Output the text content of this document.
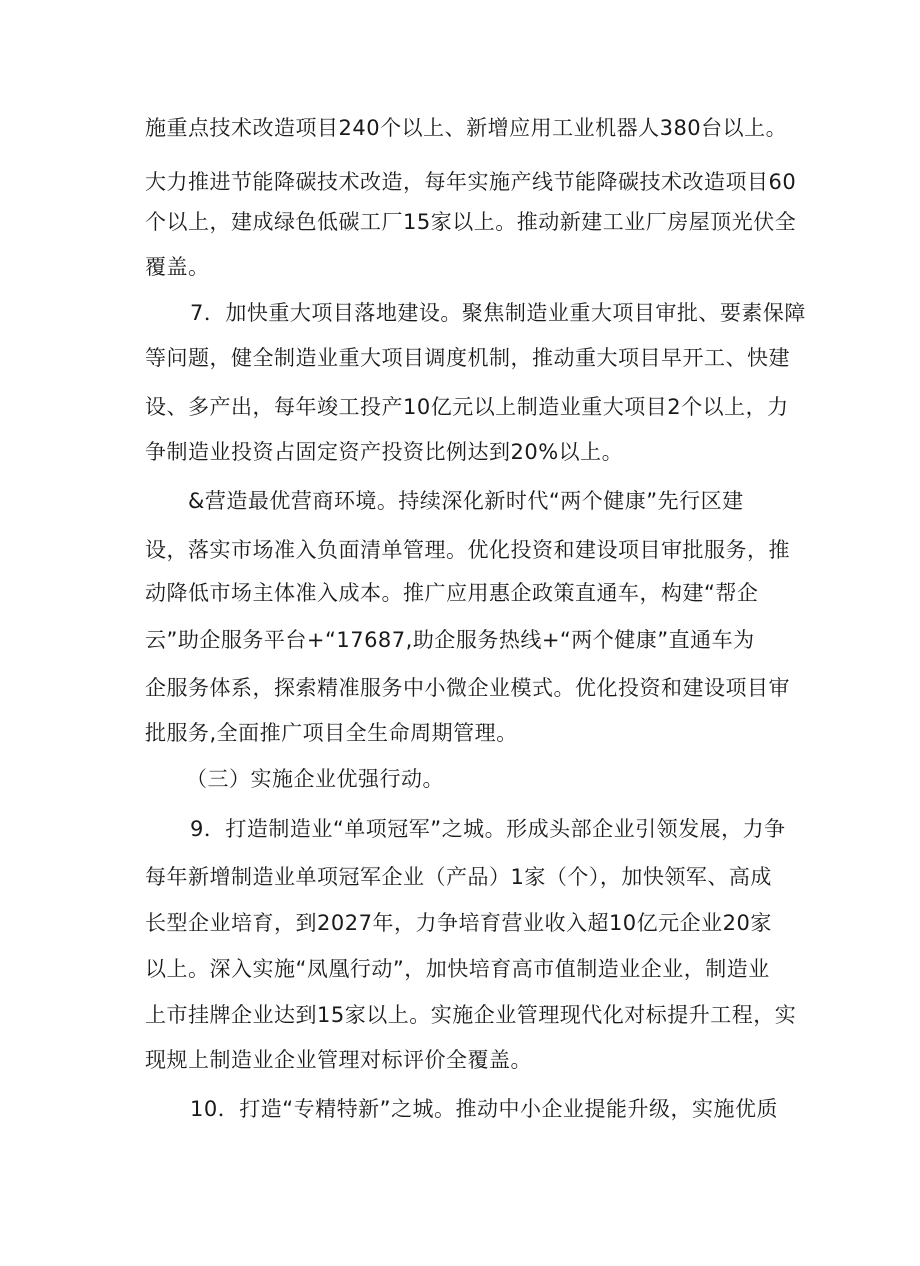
施重点技术改造项目240个以上、新增应用工业机器人380台以上。
大力推进节能降碳技术改造，每年实施产线节能降碳技术改造项目60
个以上，建成绿色低碳工厂15家以上。推动新建工业厂房屋顶光伏全
覆盖。
7．加快重大项目落地建设。聚焦制造业重大项目审批、要素保障
等问题，健全制造业重大项目调度机制，推动重大项目早开工、快建
设、多产出，每年竣工投产10亿元以上制造业重大项目2个以上，力
争制造业投资占固定资产投资比例达到20%以上。
&营造最优营商环境。持续深化新时代“两个健康”先行区建
设，落实市场准入负面清单管理。优化投资和建设项目审批服务，推
动降低市场主体准入成本。推广应用惠企政策直通车，构建“帮企
云”助企服务平台+“17687,助企服务热线+“两个健康”直通车为
企服务体系，探索精准服务中小微企业模式。优化投资和建设项目审
批服务,全面推广项目全生命周期管理。
（三）实施企业优强行动。
9．打造制造业“单项冠军”之城。形成头部企业引领发展，力争
每年新增制造业单项冠军企业（产品）1家（个），加快领军、高成
长型企业培育，到2027年，力争培育营业收入超10亿元企业20家
以上。深入实施“凤凰行动”，加快培育高市值制造业企业，制造业
上市挂牌企业达到15家以上。实施企业管理现代化对标提升工程，实
现规上制造业企业管理对标评价全覆盖。
10．打造“专精特新”之城。推动中小企业提能升级，实施优质
